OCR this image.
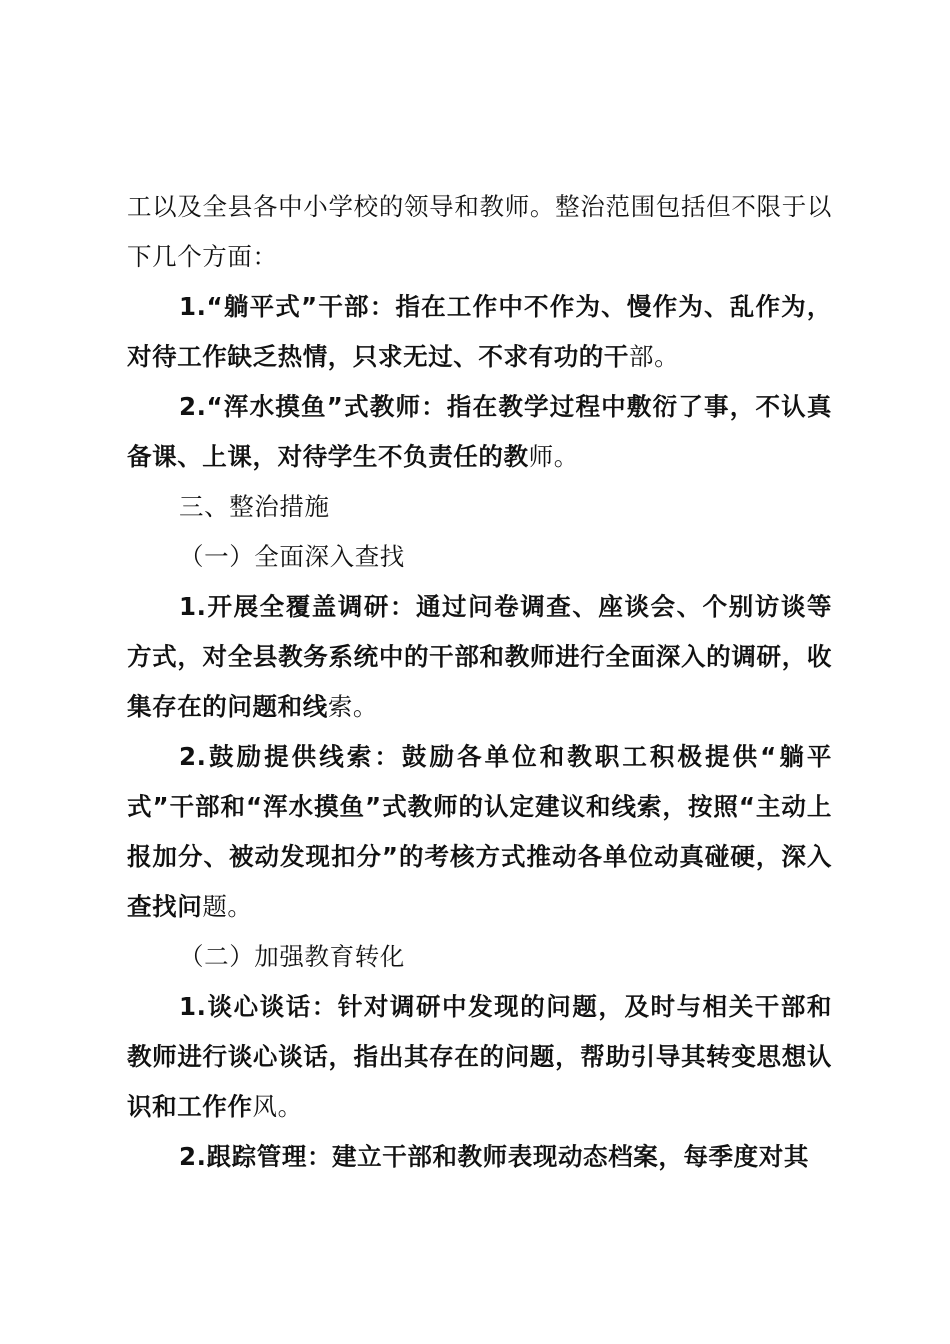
工以及全县各中小学校的领导和教师。整治范围包括但不限于以下几个方面：

1.“躺平式”干部：指在工作中不作为、慢作为、乱作为，对待工作缺乏热情，只求无过、不求有功的干部。

2.“浑水摸鱼”式教师：指在教学过程中敷衍了事，不认真备课、上课，对待学生不负责任的教师。

三、整治措施

（一）全面深入查找

1.开展全覆盖调研：通过问卷调查、座谈会、个别访谈等方式，对全县教务系统中的干部和教师进行全面深入的调研，收集存在的问题和线索。

2.鼓励提供线索：鼓励各单位和教职工积极提供“躺平式”干部和“浑水摸鱼”式教师的认定建议和线索，按照“主动上报加分、被动发现扣分”的考核方式推动各单位动真碰硬，深入查找问题。

（二）加强教育转化

1.谈心谈话：针对调研中发现的问题，及时与相关干部和教师进行谈心谈话，指出其存在的问题，帮助引导其转变思想认识和工作作风。

2.跟踪管理：建立干部和教师表现动态档案，每季度对其
